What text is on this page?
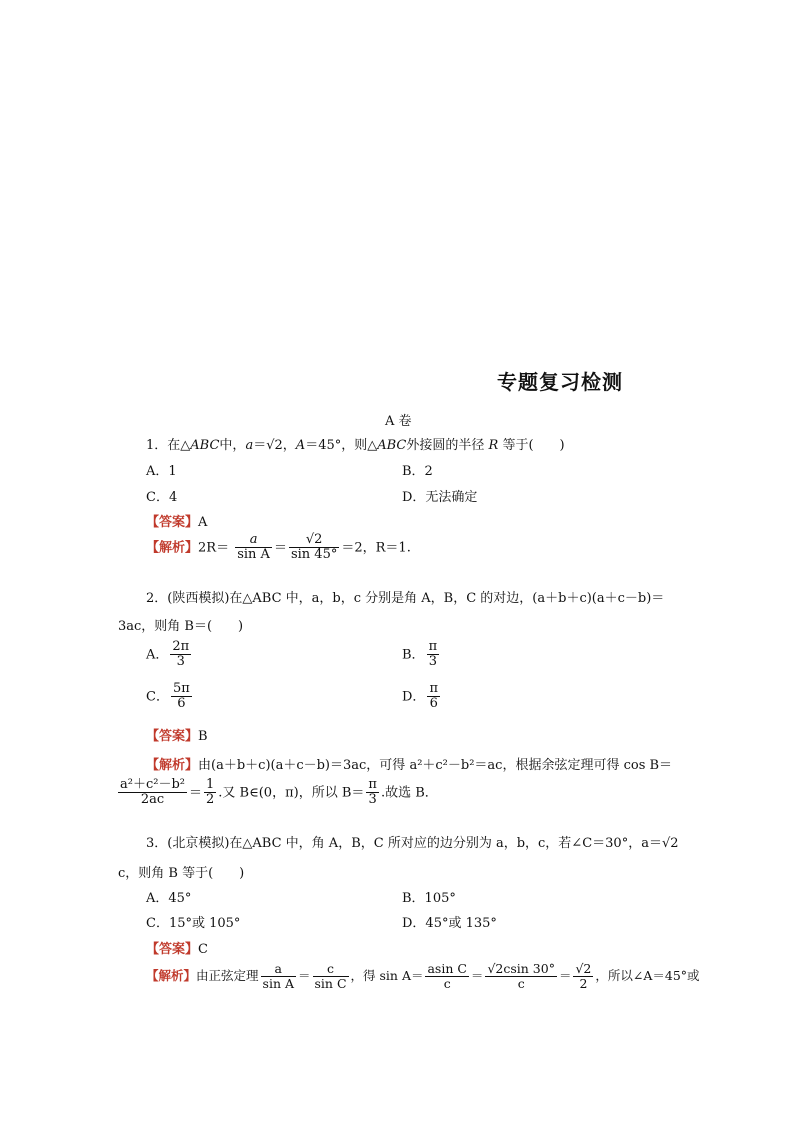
专题复习检测
A 卷
1．在△ABC中，a＝√2，A＝45°，则△ABC外接圆的半径 R 等于(　　)
A．1	B．2
C．4	D．无法确定
【答案】A
【解析】$2R= \frac{a}{\text{sin A}} = \frac{√2}{\sin 45^\circ} =2$，R＝1.
2．(陕西模拟)在△ABC 中，a，b，c 分别是角 A，B，C 的对边，(a＋b＋c)(a＋c－b)＝
3ac，则角 B＝(　　)
A． $\frac{2\pi}{3}$	B． $\frac{\pi}{3}$
C． $\frac{5\pi}{6}$	D． $\frac{\pi}{6}$
【答案】B
【解析】由(a＋b＋c)(a＋c－b)＝3ac，可得 a²＋c²－b²＝ac，根据余弦定理可得 cos B＝
$\frac{\text{a²＋c²－b²}}{2ac} = \frac{1}{2}$ .又 B∈(0，π)，所以 $B= \frac{\pi}{3}$ .故选 B．
3．(北京模拟)在△ABC 中，角 A，B，C 所对应的边分别为 a，b，c，若∠C＝30°，a＝√2
c，则角 B 等于(　　)
A．45°	B．105°
C．15°或 105°	D．45°或 135°
【答案】C
【解析】由正弦定理 $\frac{a}{\text{sin A}} = \frac{c}{\text{sin C}}$ ，得 $\sin A= \frac{\text{asin C}}{c} = \frac{√2csin 30^\circ}{c} = \frac{√2}{2}$ ，所以∠A＝45°或
